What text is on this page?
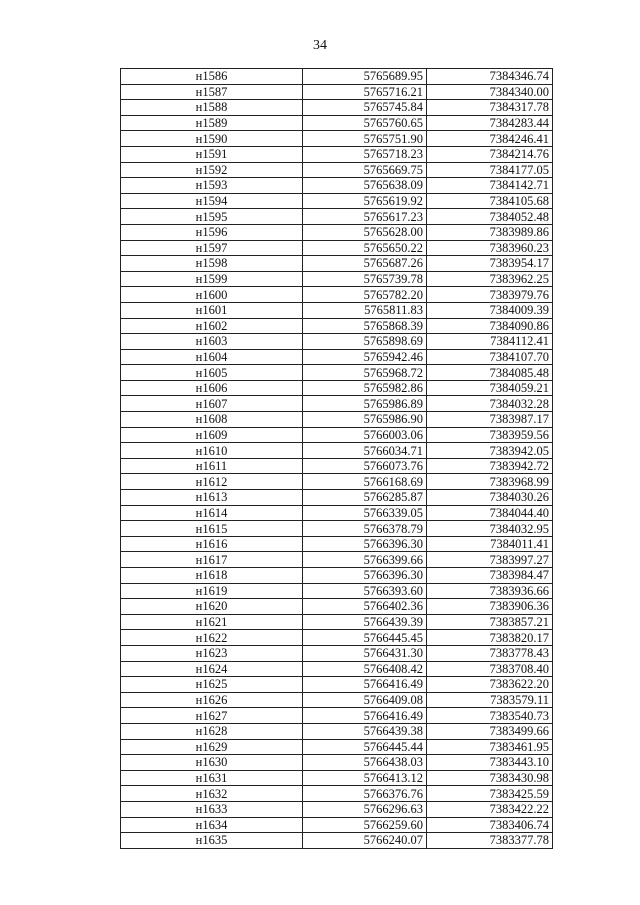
34
н1586	5765689.95	7384346.74
н1587	5765716.21	7384340.00
н1588	5765745.84	7384317.78
н1589	5765760.65	7384283.44
н1590	5765751.90	7384246.41
н1591	5765718.23	7384214.76
н1592	5765669.75	7384177.05
н1593	5765638.09	7384142.71
н1594	5765619.92	7384105.68
н1595	5765617.23	7384052.48
н1596	5765628.00	7383989.86
н1597	5765650.22	7383960.23
н1598	5765687.26	7383954.17
н1599	5765739.78	7383962.25
н1600	5765782.20	7383979.76
н1601	5765811.83	7384009.39
н1602	5765868.39	7384090.86
н1603	5765898.69	7384112.41
н1604	5765942.46	7384107.70
н1605	5765968.72	7384085.48
н1606	5765982.86	7384059.21
н1607	5765986.89	7384032.28
н1608	5765986.90	7383987.17
н1609	5766003.06	7383959.56
н1610	5766034.71	7383942.05
н1611	5766073.76	7383942.72
н1612	5766168.69	7383968.99
н1613	5766285.87	7384030.26
н1614	5766339.05	7384044.40
н1615	5766378.79	7384032.95
н1616	5766396.30	7384011.41
н1617	5766399.66	7383997.27
н1618	5766396.30	7383984.47
н1619	5766393.60	7383936.66
н1620	5766402.36	7383906.36
н1621	5766439.39	7383857.21
н1622	5766445.45	7383820.17
н1623	5766431.30	7383778.43
н1624	5766408.42	7383708.40
н1625	5766416.49	7383622.20
н1626	5766409.08	7383579.11
н1627	5766416.49	7383540.73
н1628	5766439.38	7383499.66
н1629	5766445.44	7383461.95
н1630	5766438.03	7383443.10
н1631	5766413.12	7383430.98
н1632	5766376.76	7383425.59
н1633	5766296.63	7383422.22
н1634	5766259.60	7383406.74
н1635	5766240.07	7383377.78
